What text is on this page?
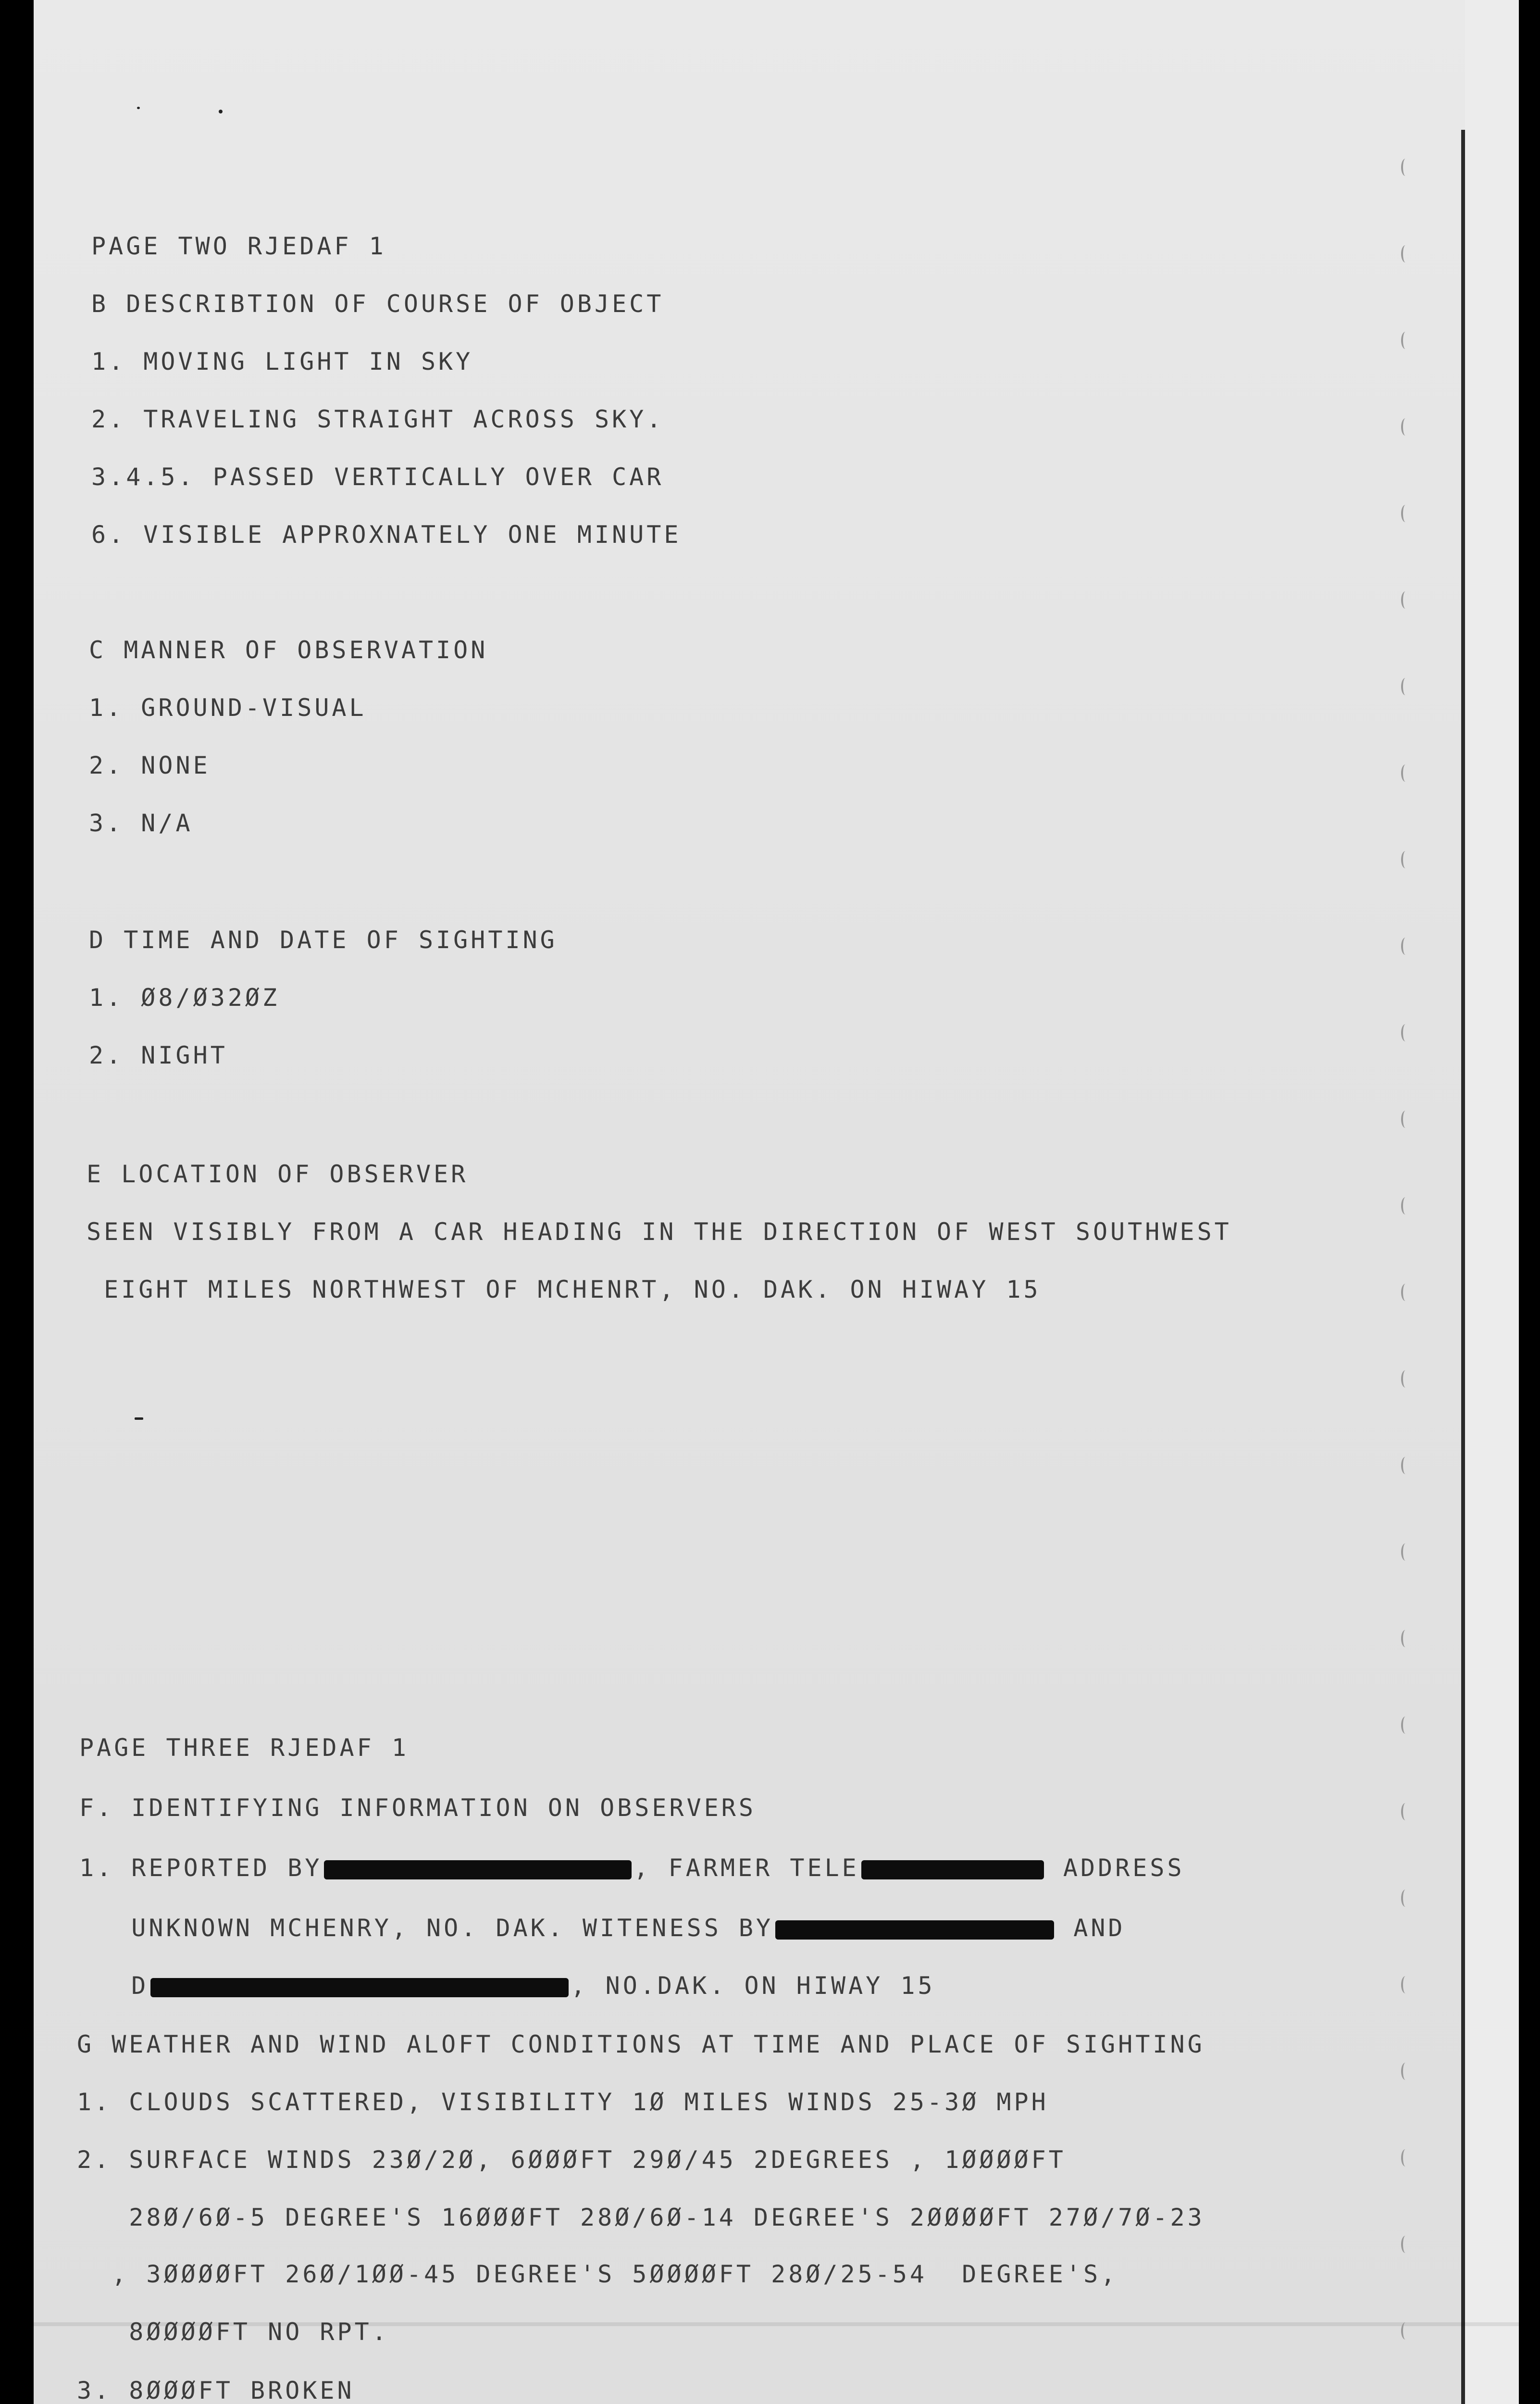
PAGE TWO RJEDAF 1
B DESCRIBTION OF COURSE OF OBJECT
1. MOVING LIGHT IN SKY
2. TRAVELING STRAIGHT ACROSS SKY.
3.4.5. PASSED VERTICALLY OVER CAR
6. VISIBLE APPROXNATELY ONE MINUTE
C MANNER OF OBSERVATION
1. GROUND-VISUAL
2. NONE
3. N/A
D TIME AND DATE OF SIGHTING
1. Ø8/Ø32ØZ
2. NIGHT
E LOCATION OF OBSERVER
SEEN VISIBLY FROM A CAR HEADING IN THE DIRECTION OF WEST SOUTHWEST
EIGHT MILES NORTHWEST OF MCHENRT, NO. DAK. ON HIWAY 15
PAGE THREE RJEDAF 1
F. IDENTIFYING INFORMATION ON OBSERVERS
1. REPORTED BY	, FARMER TELE	ADDRESS
UNKNOWN MCHENRY, NO. DAK. WITENESS BY	AND
D	, NO.DAK. ON HIWAY 15
G WEATHER AND WIND ALOFT CONDITIONS AT TIME AND PLACE OF SIGHTING
1. CLOUDS SCATTERED, VISIBILITY 1Ø MILES WINDS 25-3Ø MPH
2. SURFACE WINDS 23Ø/2Ø, 6ØØØFT 29Ø/45 2DEGREES , 1ØØØØFT
28Ø/6Ø-5 DEGREE'S 16ØØØFT 28Ø/6Ø-14 DEGREE'S 2ØØØØFT 27Ø/7Ø-23
, 3ØØØØFT 26Ø/1ØØ-45 DEGREE'S 5ØØØØFT 28Ø/25-54  DEGREE'S,
8ØØØØFT NO RPT.
3. 8ØØØFT BROKEN
